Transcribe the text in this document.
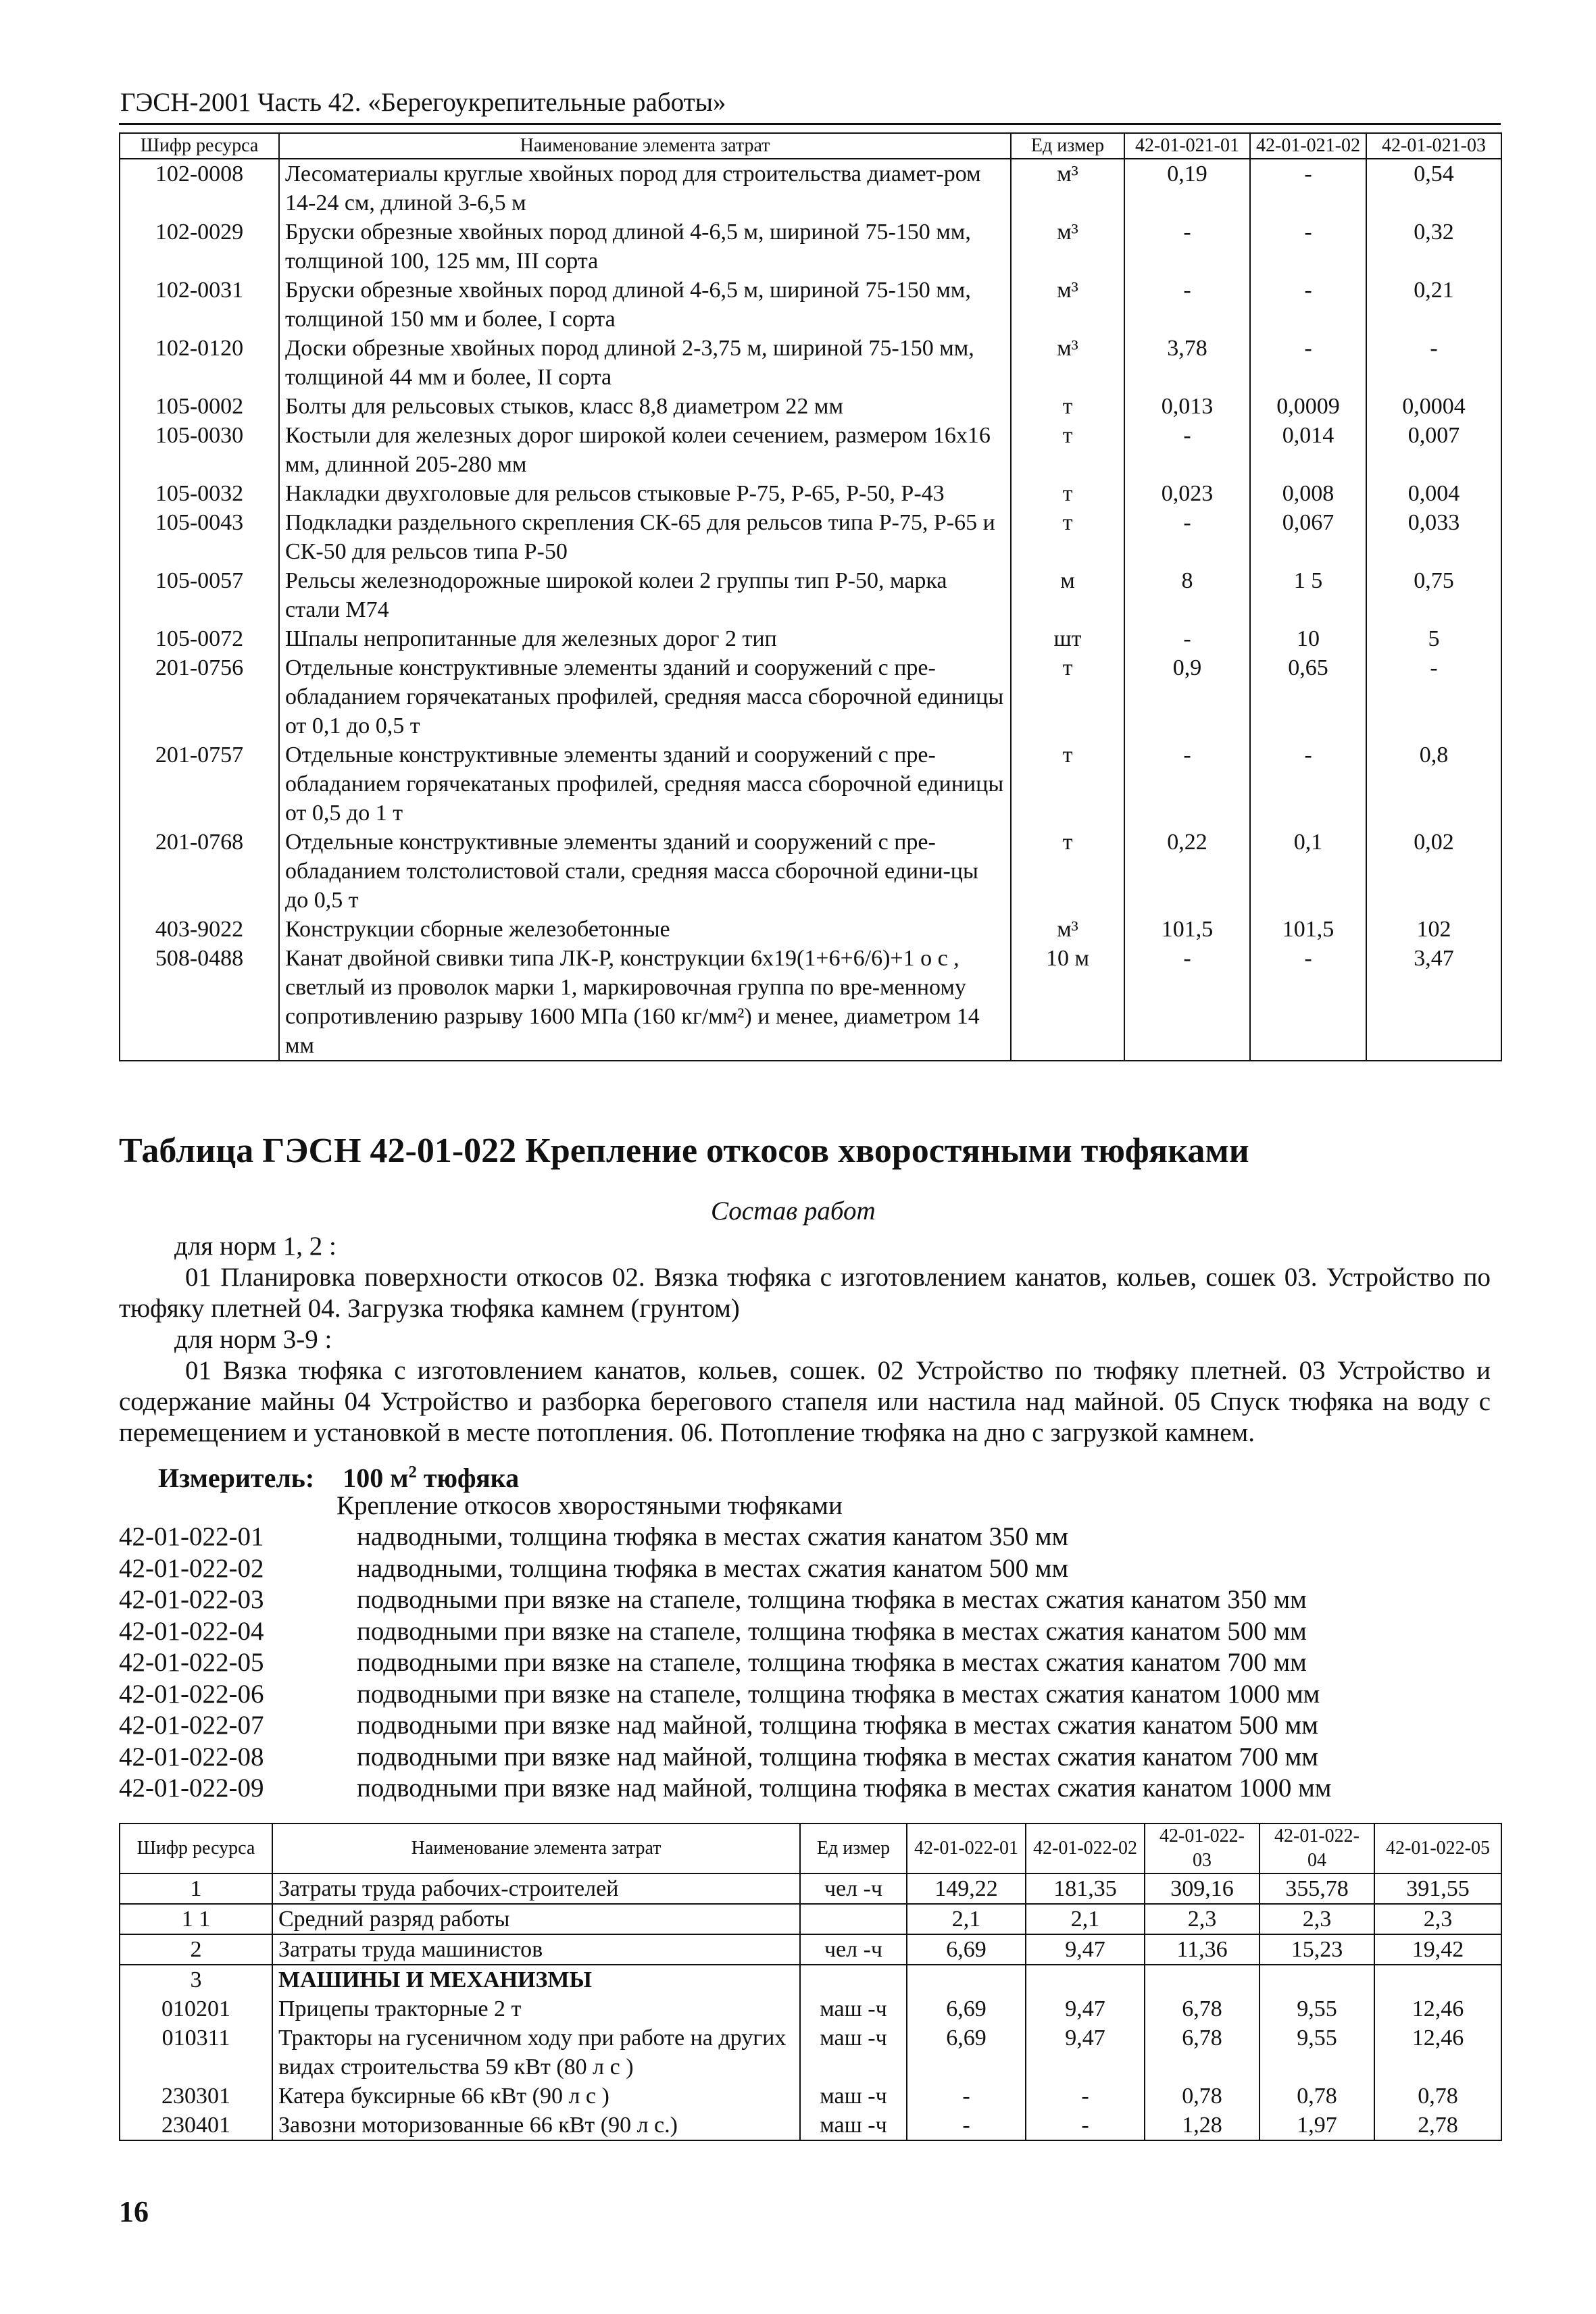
ГЭСН-2001 Часть 42. «Берегоукрепительные работы»
Шифр ресурса	Наименование элемента затрат	Ед измер	42-01-021-01	42-01-021-02	42-01-021-03
102-0008	Лесоматериалы круглые хвойных пород для строительства диамет-ром 14-24 см, длиной 3-6,5 м	м³	0,19	-	0,54
102-0029	Бруски обрезные хвойных пород длиной 4-6,5 м, шириной 75-150 мм, толщиной 100, 125 мм, III сорта	м³	-	-	0,32
102-0031	Бруски обрезные хвойных пород длиной 4-6,5 м, шириной 75-150 мм, толщиной 150 мм и более, I сорта	м³	-	-	0,21
102-0120	Доски обрезные хвойных пород длиной 2-3,75 м, шириной 75-150 мм, толщиной 44 мм и более, II сорта	м³	3,78	-	-
105-0002	Болты для рельсовых стыков, класс 8,8 диаметром 22 мм	т	0,013	0,0009	0,0004
105-0030	Костыли для железных дорог широкой колеи сечением, размером 16х16 мм, длинной 205-280 мм	т	-	0,014	0,007
105-0032	Накладки двухголовые для рельсов стыковые Р-75, Р-65, Р-50, Р-43	т	0,023	0,008	0,004
105-0043	Подкладки раздельного скрепления СК-65 для рельсов типа Р-75, Р-65 и СК-50 для рельсов типа Р-50	т	-	0,067	0,033
105-0057	Рельсы железнодорожные широкой колеи 2 группы тип Р-50, марка стали М74	м	8	1 5	0,75
105-0072	Шпалы непропитанные для железных дорог 2 тип	шт	-	10	5
201-0756	Отдельные конструктивные элементы зданий и сооружений с пре-обладанием горячекатаных профилей, средняя масса сборочной единицы от 0,1 до 0,5 т	т	0,9	0,65	-
201-0757	Отдельные конструктивные элементы зданий и сооружений с пре-обладанием горячекатаных профилей, средняя масса сборочной единицы от 0,5 до 1 т	т	-	-	0,8
201-0768	Отдельные конструктивные элементы зданий и сооружений с пре-обладанием толстолистовой стали, средняя масса сборочной едини-цы до 0,5 т	т	0,22	0,1	0,02
403-9022	Конструкции сборные железобетонные	м³	101,5	101,5	102
508-0488	Канат двойной свивки типа ЛК-Р, конструкции 6х19(1+6+6/6)+1 о с , светлый из проволок марки 1, маркировочная группа по вре-менному сопротивлению разрыву 1600 МПа (160 кг/мм²) и менее, диаметром 14 мм	10 м	-	-	3,47
Таблица ГЭСН 42-01-022 Крепление откосов хворостяными тюфяками
Состав работ
для норм 1, 2 :
01 Планировка поверхности откосов 02. Вязка тюфяка с изготовлением канатов, кольев, сошек 03. Устройство по тюфяку плетней 04. Загрузка тюфяка камнем (грунтом)
для норм 3-9 :
01 Вязка тюфяка с изготовлением канатов, кольев, сошек. 02 Устройство по тюфяку плетней. 03 Устройство и содержание майны 04 Устройство и разборка берегового стапеля или настила над майной. 05 Спуск тюфяка на воду с перемещением и установкой в месте потопления. 06. Потопление тюфяка на дно с загрузкой камнем.
Измеритель: 100 $м^2$ тюфяка
Крепление откосов хворостяными тюфяками
42-01-022-01	надводными, толщина тюфяка в местах сжатия канатом 350 мм
42-01-022-02	надводными, толщина тюфяка в местах сжатия канатом 500 мм
42-01-022-03	подводными при вязке на стапеле, толщина тюфяка в местах сжатия канатом 350 мм
42-01-022-04	подводными при вязке на стапеле, толщина тюфяка в местах сжатия канатом 500 мм
42-01-022-05	подводными при вязке на стапеле, толщина тюфяка в местах сжатия канатом 700 мм
42-01-022-06	подводными при вязке на стапеле, толщина тюфяка в местах сжатия канатом 1000 мм
42-01-022-07	подводными при вязке над майной, толщина тюфяка в местах сжатия канатом 500 мм
42-01-022-08	подводными при вязке над майной, толщина тюфяка в местах сжатия канатом 700 мм
42-01-022-09	подводными при вязке над майной, толщина тюфяка в местах сжатия канатом 1000 мм
Шифр ресурса	Наименование элемента затрат	Ед измер	42-01-022-01	42-01-022-02	42-01-022-03	42-01-022-04	42-01-022-05
1	Затраты труда рабочих-строителей	чел -ч	149,22	181,35	309,16	355,78	391,55
1 1	Средний разряд работы		2,1	2,1	2,3	2,3	2,3
2	Затраты труда машинистов	чел -ч	6,69	9,47	11,36	15,23	19,42
3	МАШИНЫ И МЕХАНИЗМЫ						
010201	Прицепы тракторные 2 т	маш -ч	6,69	9,47	6,78	9,55	12,46
010311	Тракторы на гусеничном ходу при работе на других видах строительства 59 кВт (80 л с )	маш -ч	6,69	9,47	6,78	9,55	12,46
230301	Катера буксирные 66 кВт (90 л с )	маш -ч	-	-	0,78	0,78	0,78
230401	Завозни моторизованные 66 кВт (90 л с.)	маш -ч	-	-	1,28	1,97	2,78
16
